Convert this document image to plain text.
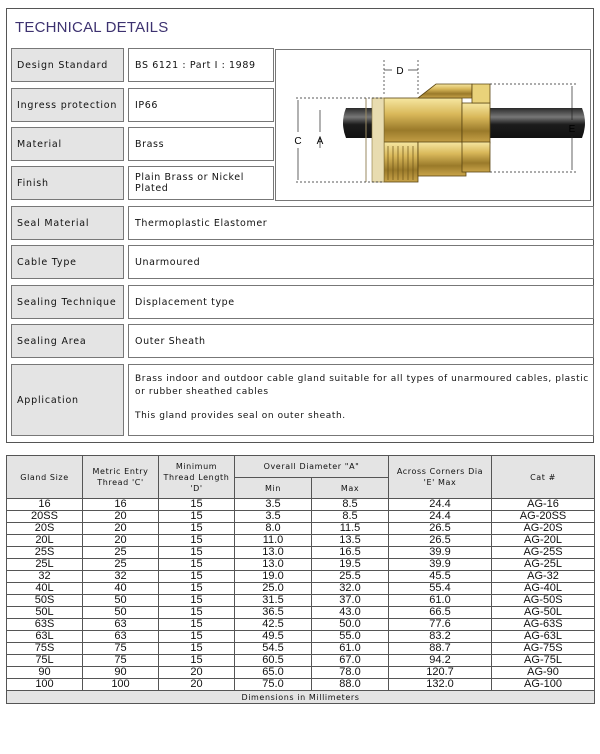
TECHNICAL DETAILS
Design Standard	BS 6121 : Part I : 1989
Ingress protection	IP66
Material	Brass
Finish	Plain Brass or Nickel Plated
Seal Material	Thermoplastic Elastomer
Cable Type	Unarmoured
Sealing Technique	Displacement type
Sealing Area	Outer Sheath
Application

Brass indoor and outdoor cable gland suitable for all types of unarmoured cables, plastic or rubber sheathed cables

This gland provides seal on outer sheath.

D
C A
E
Gland Size	Metric Entry Thread 'C'	Minimum Thread Length 'D'	Overall Diameter "A"		Across Corners Dia 'E' Max	Cat #
			Min	Max		
16	16	15	3.5	8.5	24.4	AG-16
20SS	20	15	3.5	8.5	24.4	AG-20SS
20S	20	15	8.0	11.5	26.5	AG-20S
20L	20	15	11.0	13.5	26.5	AG-20L
25S	25	15	13.0	16.5	39.9	AG-25S
25L	25	15	13.0	19.5	39.9	AG-25L
32	32	15	19.0	25.5	45.5	AG-32
40L	40	15	25.0	32.0	55.4	AG-40L
50S	50	15	31.5	37.0	61.0	AG-50S
50L	50	15	36.5	43.0	66.5	AG-50L
63S	63	15	42.5	50.0	77.6	AG-63S
63L	63	15	49.5	55.0	83.2	AG-63L
75S	75	15	54.5	61.0	88.7	AG-75S
75L	75	15	60.5	67.0	94.2	AG-75L
90	90	20	65.0	78.0	120.7	AG-90
100	100	20	75.0	88.0	132.0	AG-100
Dimensions in Millimeters						
